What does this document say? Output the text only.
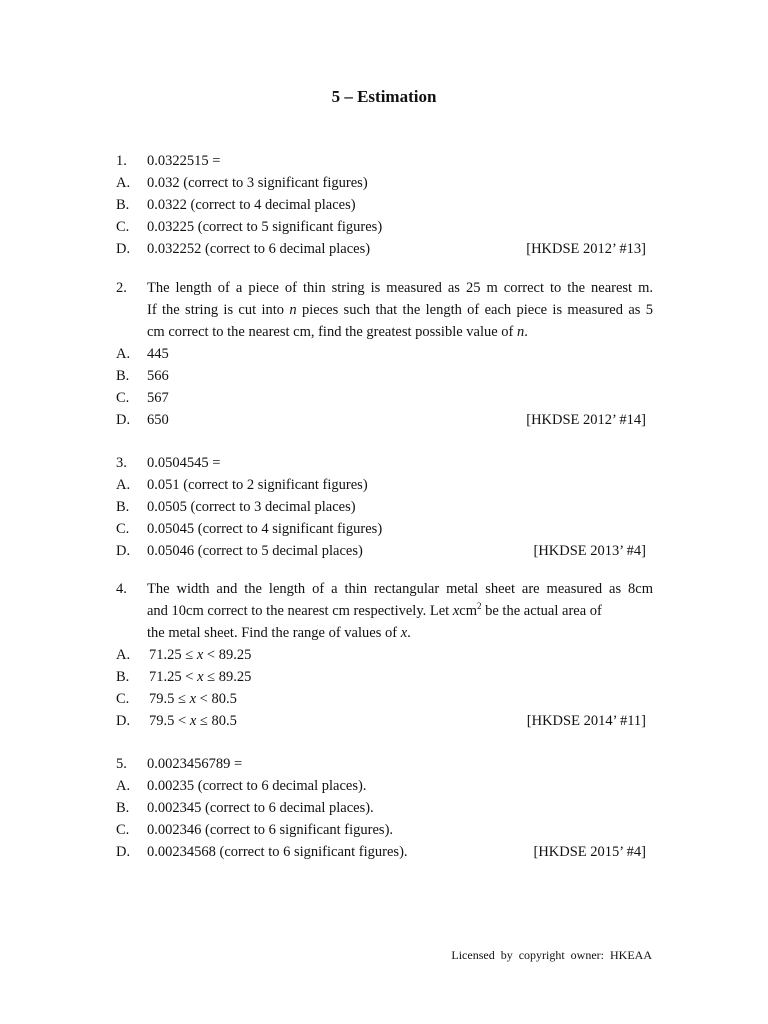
5 – Estimation
1. 0.0322515 =
A. 0.032 (correct to 3 significant figures)
B. 0.0322 (correct to 4 decimal places)
C. 0.03225 (correct to 5 significant figures)
D. 0.032252 (correct to 6 decimal places)	[HKDSE 2012’ #13]
2. The length of a piece of thin string is measured as 25 m correct to the nearest m.
If the string is cut into n pieces such that the length of each piece is measured as 5
cm correct to the nearest cm, find the greatest possible value of n.
A. 445
B. 566
C. 567
D. 650	[HKDSE 2012’ #14]
3. 0.0504545 =
A. 0.051 (correct to 2 significant figures)
B. 0.0505 (correct to 3 decimal places)
C. 0.05045 (correct to 4 significant figures)
D. 0.05046 (correct to 5 decimal places)	[HKDSE 2013’ #4]
4. The width and the length of a thin rectangular metal sheet are measured as 8cm
and 10cm correct to the nearest cm respectively. Let xcm$^2$ be the actual area of
the metal sheet. Find the range of values of x.
A. 71.25 ≤ x < 89.25
B. 71.25 < x ≤ 89.25
C. 79.5 ≤ x < 80.5
D. 79.5 < x ≤ 80.5	[HKDSE 2014’ #11]
5. 0.0023456789 =
A. 0.00235 (correct to 6 decimal places).
B. 0.002345 (correct to 6 decimal places).
C. 0.002346 (correct to 6 significant figures).
D. 0.00234568 (correct to 6 significant figures).	[HKDSE 2015’ #4]
Licensed by copyright owner: HKEAA
